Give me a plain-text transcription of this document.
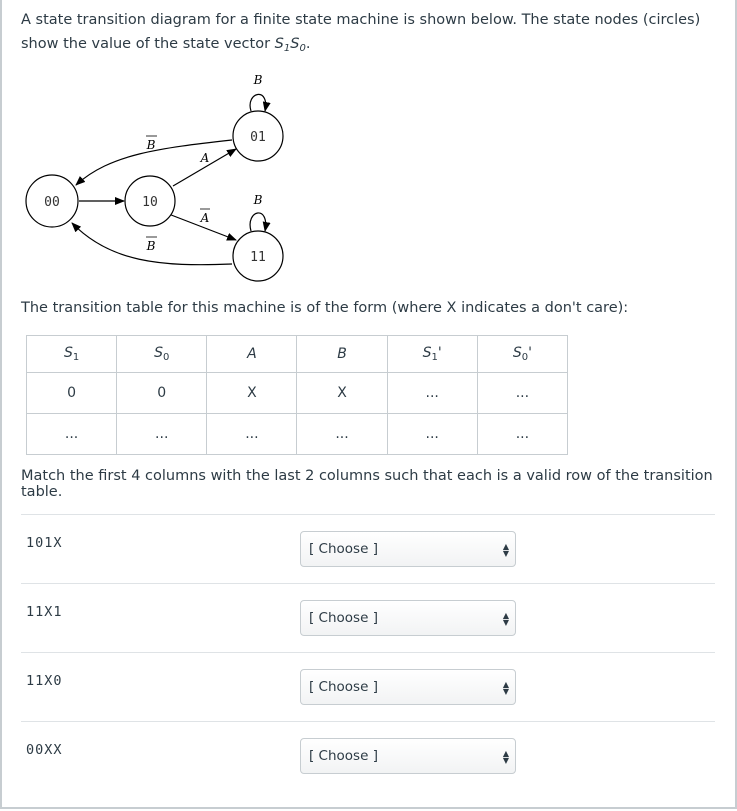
A state transition diagram for a finite state machine is shown below. The state nodes (circles) show the value of the state vector $S_1S_0$.
00	10
01
11
B
A
B
B
A
B
The transition table for this machine is of the form (where X indicates a don't care):
$S_1$	$S_0$	A	B	$S_1'$	$S_0'$
0	0	X	X	...	...
...	...	...	...	...	...
Match the first 4 columns with the last 2 columns such that each is a valid row of the transition table.
101X	[ Choose ]	▲
▼
11X1	[ Choose ]	▲
▼
11X0	[ Choose ]	▲
▼
00XX	[ Choose ]	▲
▼
